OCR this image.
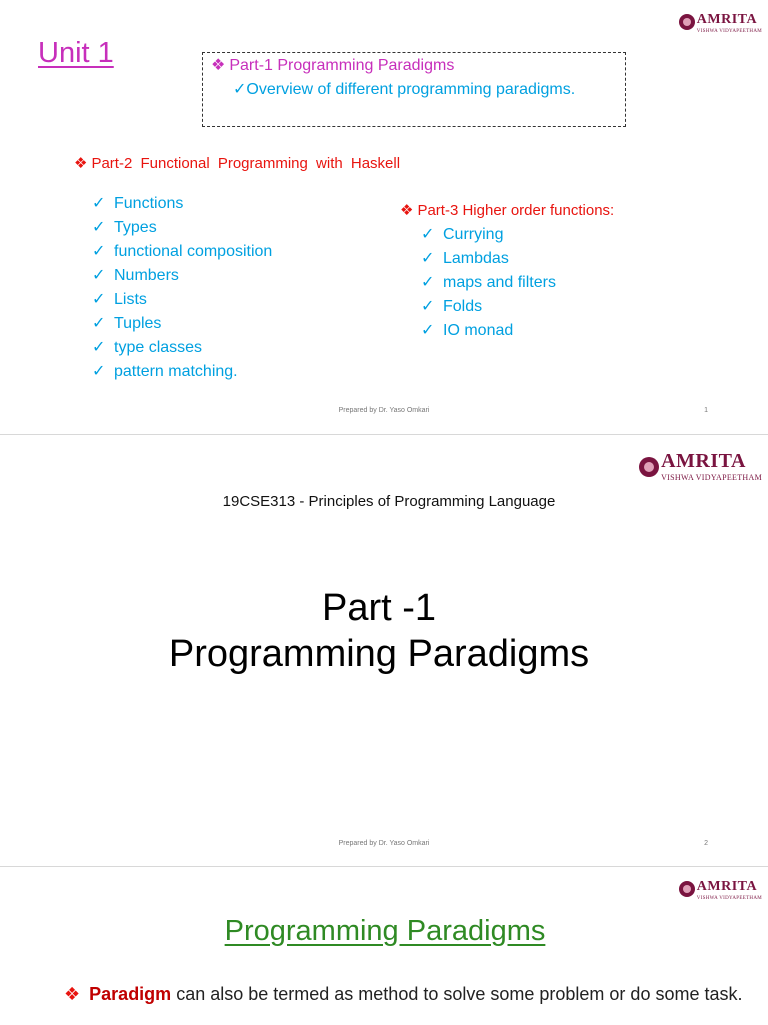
AMRITA
VISHWA VIDYAPEETHAM
Unit 1	❖ Part-1 Programming Paradigms
✓Overview of different programming paradigms.
❖ Part-2 Functional Programming with Haskell
✓ Functions
✓ Types
✓ functional composition
✓ Numbers
✓ Lists
✓ Tuples
✓ type classes
✓ pattern matching.
❖ Part-3 Higher order functions:
✓ Currying
✓ Lambdas
✓ maps and filters
✓ Folds
✓ IO monad
Prepared by Dr. Yaso Omkari	1
AMRITA
VISHWA VIDYAPEETHAM
19CSE313 - Principles of Programming Language
Part -1
Programming Paradigms
Prepared by Dr. Yaso Omkari	2
AMRITA
VISHWA VIDYAPEETHAM
Programming Paradigms
❖ Paradigm can also be termed as method to solve some problem or do some task.
